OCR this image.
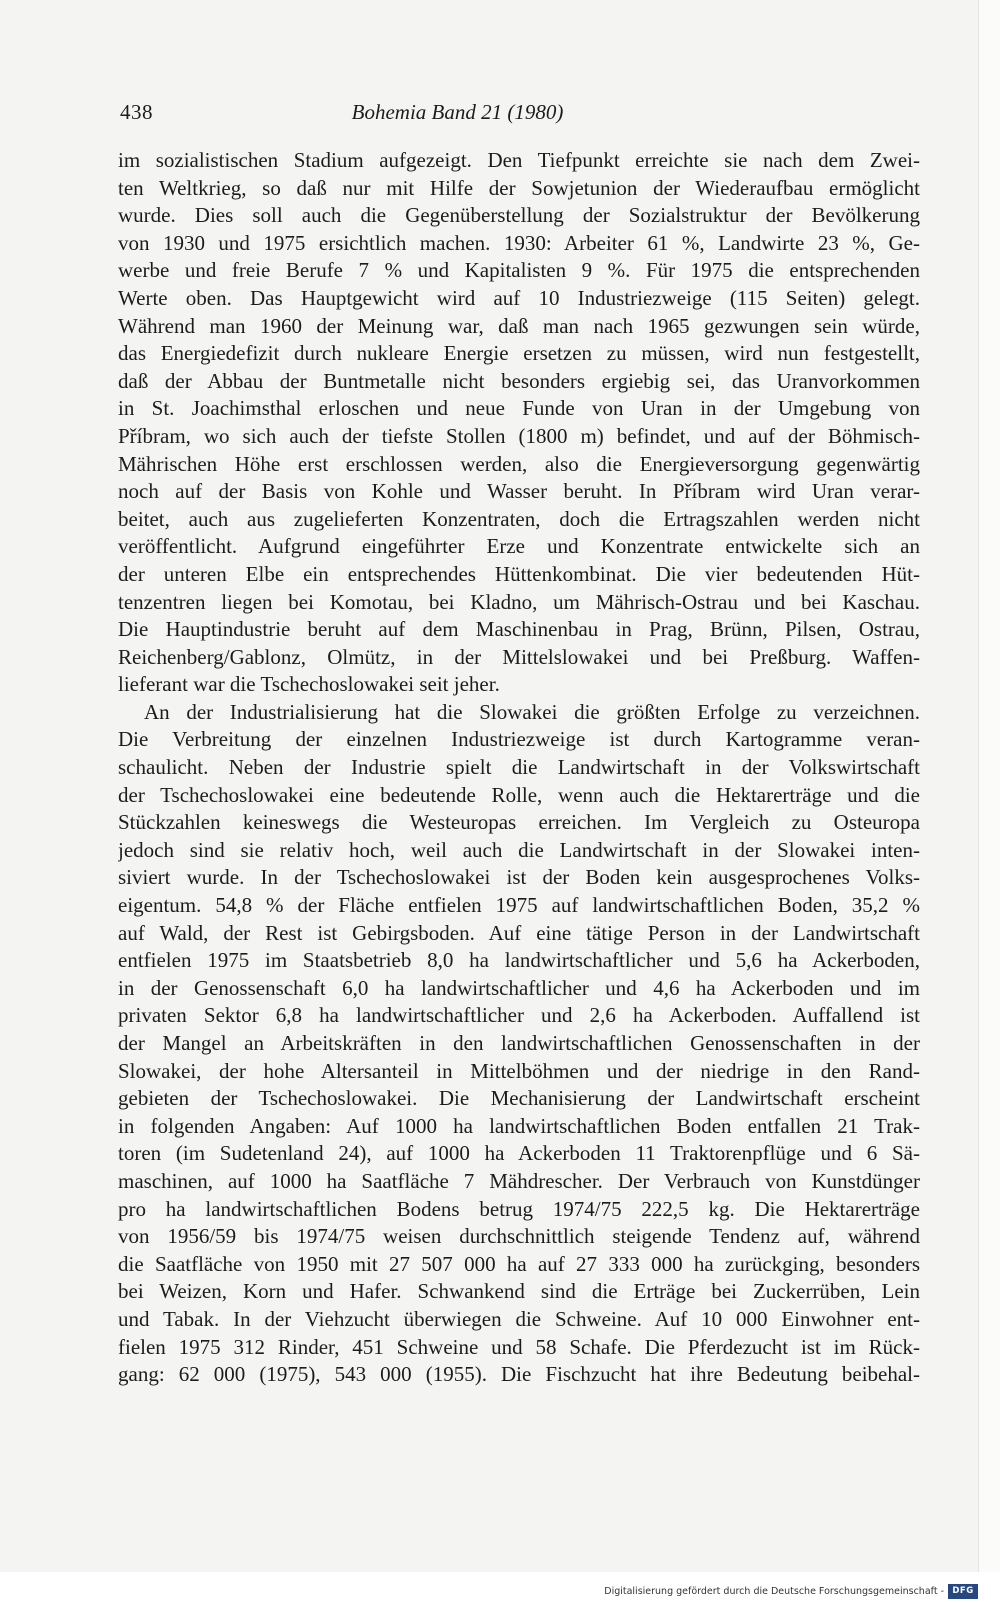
438	Bohemia Band 21 (1980)
im sozialistischen Stadium aufgezeigt. Den Tiefpunkt erreichte sie nach dem Zwei-
ten Weltkrieg, so daß nur mit Hilfe der Sowjetunion der Wiederaufbau ermöglicht
wurde. Dies soll auch die Gegenüberstellung der Sozialstruktur der Bevölkerung
von 1930 und 1975 ersichtlich machen. 1930: Arbeiter 61 %, Landwirte 23 %, Ge-
werbe und freie Berufe 7 % und Kapitalisten 9 %. Für 1975 die entsprechenden
Werte oben. Das Hauptgewicht wird auf 10 Industriezweige (115 Seiten) gelegt.
Während man 1960 der Meinung war, daß man nach 1965 gezwungen sein würde,
das Energiedefizit durch nukleare Energie ersetzen zu müssen, wird nun festgestellt,
daß der Abbau der Buntmetalle nicht besonders ergiebig sei, das Uranvorkommen
in St. Joachimsthal erloschen und neue Funde von Uran in der Umgebung von
Příbram, wo sich auch der tiefste Stollen (1800 m) befindet, und auf der Böhmisch-
Mährischen Höhe erst erschlossen werden, also die Energieversorgung gegenwärtig
noch auf der Basis von Kohle und Wasser beruht. In Příbram wird Uran verar-
beitet, auch aus zugelieferten Konzentraten, doch die Ertragszahlen werden nicht
veröffentlicht. Aufgrund eingeführter Erze und Konzentrate entwickelte sich an
der unteren Elbe ein entsprechendes Hüttenkombinat. Die vier bedeutenden Hüt-
tenzentren liegen bei Komotau, bei Kladno, um Mährisch-Ostrau und bei Kaschau.
Die Hauptindustrie beruht auf dem Maschinenbau in Prag, Brünn, Pilsen, Ostrau,
Reichenberg/Gablonz, Olmütz, in der Mittelslowakei und bei Preßburg. Waffen-
lieferant war die Tschechoslowakei seit jeher.
An der Industrialisierung hat die Slowakei die größten Erfolge zu verzeichnen.
Die Verbreitung der einzelnen Industriezweige ist durch Kartogramme veran-
schaulicht. Neben der Industrie spielt die Landwirtschaft in der Volkswirtschaft
der Tschechoslowakei eine bedeutende Rolle, wenn auch die Hektarerträge und die
Stückzahlen keineswegs die Westeuropas erreichen. Im Vergleich zu Osteuropa
jedoch sind sie relativ hoch, weil auch die Landwirtschaft in der Slowakei inten-
siviert wurde. In der Tschechoslowakei ist der Boden kein ausgesprochenes Volks-
eigentum. 54,8 % der Fläche entfielen 1975 auf landwirtschaftlichen Boden, 35,2 %
auf Wald, der Rest ist Gebirgsboden. Auf eine tätige Person in der Landwirtschaft
entfielen 1975 im Staatsbetrieb 8,0 ha landwirtschaftlicher und 5,6 ha Ackerboden,
in der Genossenschaft 6,0 ha landwirtschaftlicher und 4,6 ha Ackerboden und im
privaten Sektor 6,8 ha landwirtschaftlicher und 2,6 ha Ackerboden. Auffallend ist
der Mangel an Arbeitskräften in den landwirtschaftlichen Genossenschaften in der
Slowakei, der hohe Altersanteil in Mittelböhmen und der niedrige in den Rand-
gebieten der Tschechoslowakei. Die Mechanisierung der Landwirtschaft erscheint
in folgenden Angaben: Auf 1000 ha landwirtschaftlichen Boden entfallen 21 Trak-
toren (im Sudetenland 24), auf 1000 ha Ackerboden 11 Traktorenpflüge und 6 Sä-
maschinen, auf 1000 ha Saatfläche 7 Mähdrescher. Der Verbrauch von Kunstdünger
pro ha landwirtschaftlichen Bodens betrug 1974/75 222,5 kg. Die Hektarerträge
von 1956/59 bis 1974/75 weisen durchschnittlich steigende Tendenz auf, während
die Saatfläche von 1950 mit 27 507 000 ha auf 27 333 000 ha zurückging, besonders
bei Weizen, Korn und Hafer. Schwankend sind die Erträge bei Zuckerrüben, Lein
und Tabak. In der Viehzucht überwiegen die Schweine. Auf 10 000 Einwohner ent-
fielen 1975 312 Rinder, 451 Schweine und 58 Schafe. Die Pferdezucht ist im Rück-
gang: 62 000 (1975), 543 000 (1955). Die Fischzucht hat ihre Bedeutung beibehal-
Digitalisierung gefördert durch die Deutsche Forschungsgemeinschaft - DFG
